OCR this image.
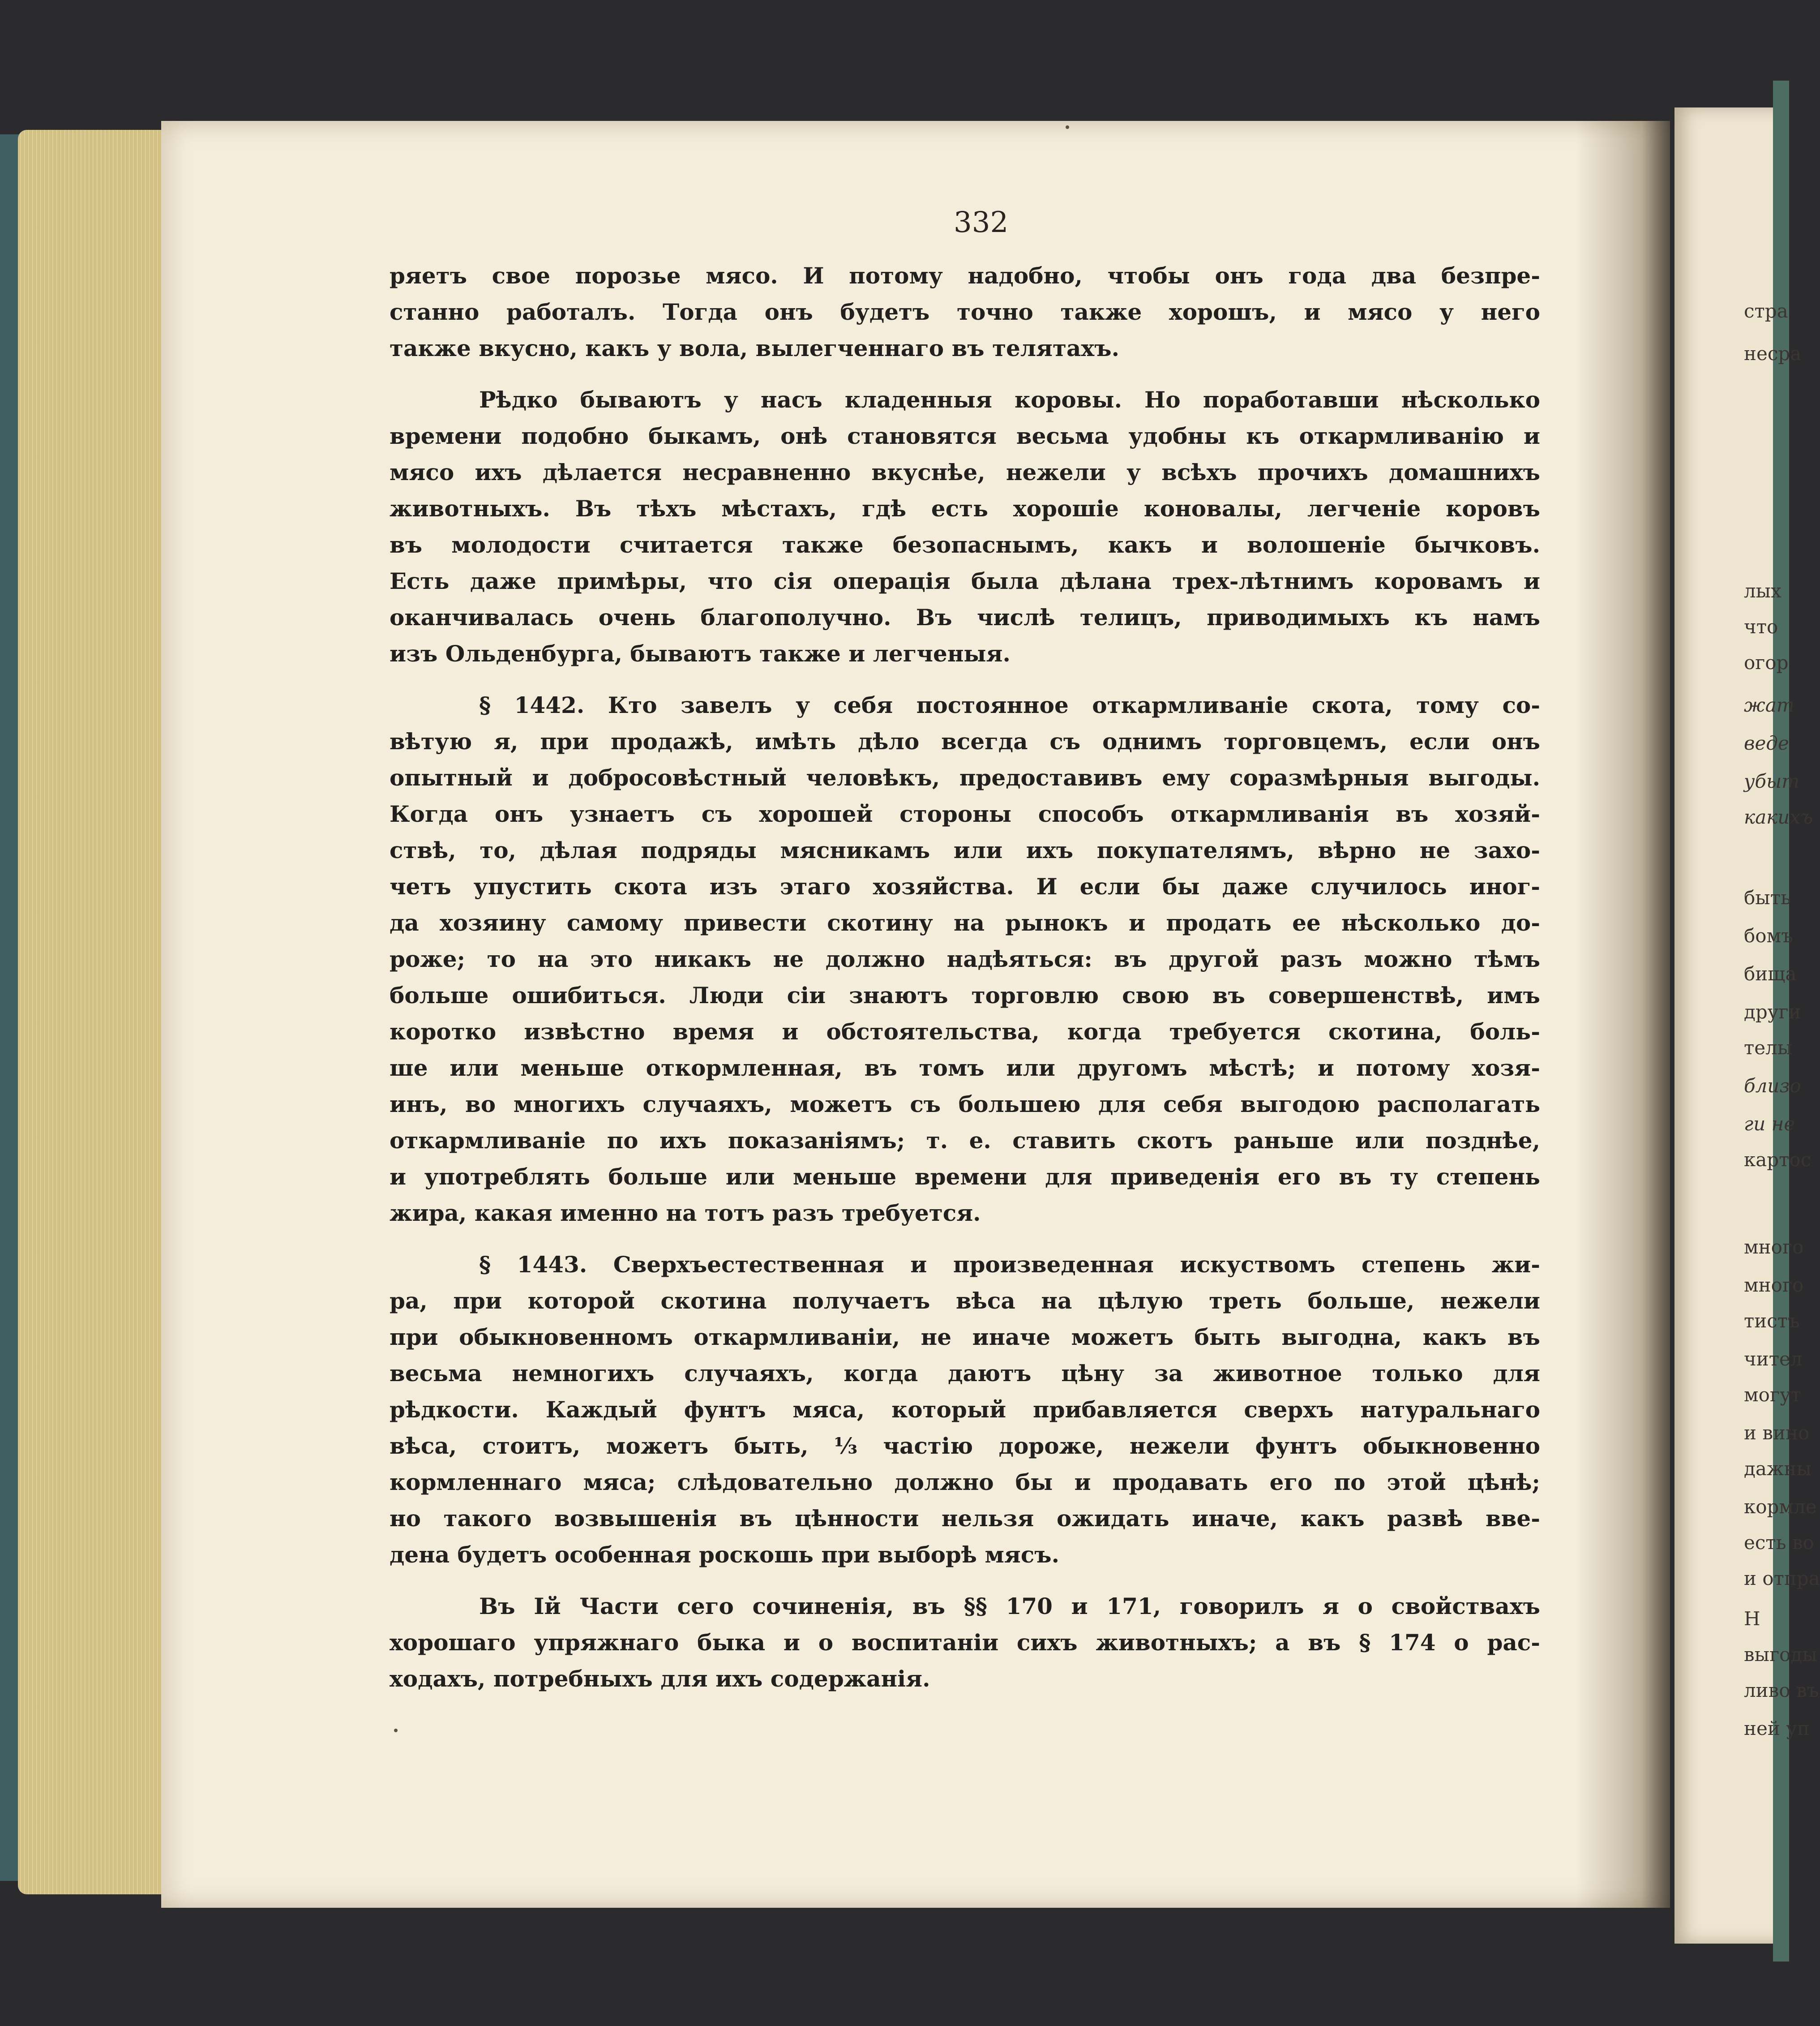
332
ряетъ свое порозье мясо. И потому надобно, чтобы онъ года два безпре-
станно работалъ. Тогда онъ будетъ точно также хорошъ, и мясо у него
также вкусно, какъ у вола, вылегченнаго въ телятахъ.
Рѣдко бываютъ у насъ кладенныя коровы. Но поработавши нѣсколько
времени подобно быкамъ, онѣ становятся весьма удобны къ откармливанію и
мясо ихъ дѣлается несравненно вкуснѣе, нежели у всѣхъ прочихъ домашнихъ
животныхъ. Въ тѣхъ мѣстахъ, гдѣ есть хорошіе коновалы, легченіе коровъ
въ молодости считается также безопаснымъ, какъ и волошеніе бычковъ.
Есть даже примѣры, что сія операція была дѣлана трех-лѣтнимъ коровамъ и
оканчивалась очень благополучно. Въ числѣ телицъ, приводимыхъ къ намъ
изъ Ольденбурга, бываютъ также и легченыя.
§ 1442. Кто завелъ у себя постоянное откармливаніе скота, тому со-
вѣтую я, при продажѣ, имѣть дѣло всегда съ однимъ торговцемъ, если онъ
опытный и добросовѣстный человѣкъ, предоставивъ ему соразмѣрныя выгоды.
Когда онъ узнаетъ съ хорошей стороны способъ откармливанія въ хозяй-
ствѣ, то, дѣлая подряды мясникамъ или ихъ покупателямъ, вѣрно не захо-
четъ упустить скота изъ этаго хозяйства. И если бы даже случилось иног-
да хозяину самому привести скотину на рынокъ и продать ее нѣсколько до-
роже; то на это никакъ не должно надѣяться: въ другой разъ можно тѣмъ
больше ошибиться. Люди сіи знаютъ торговлю свою въ совершенствѣ, имъ
коротко извѣстно время и обстоятельства, когда требуется скотина, боль-
ше или меньше откормленная, въ томъ или другомъ мѣстѣ; и потому хозя-
инъ, во многихъ случаяхъ, можетъ съ большею для себя выгодою располагать
откармливаніе по ихъ показаніямъ; т. е. ставить скотъ раньше или позднѣе,
и употреблять больше или меньше времени для приведенія его въ ту степень
жира, какая именно на тотъ разъ требуется.
§ 1443. Сверхъестественная и произведенная искуствомъ степень жи-
ра, при которой скотина получаетъ вѣса на цѣлую треть больше, нежели
при обыкновенномъ откармливаніи, не иначе можетъ быть выгодна, какъ въ
весьма немногихъ случаяхъ, когда даютъ цѣну за животное только для
рѣдкости. Каждый фунтъ мяса, который прибавляется сверхъ натуральнаго
вѣса, стоитъ, можетъ быть, ⅓ частію дороже, нежели фунтъ обыкновенно
кормленнаго мяса; слѣдовательно должно бы и продавать его по этой цѣнѣ;
но такого возвышенія въ цѣнности нельзя ожидать иначе, какъ развѣ вве-
дена будетъ особенная роскошь при выборѣ мясъ.
Въ Iй Части сего сочиненія, въ §§ 170 и 171, говорилъ я о свойствахъ
хорошаго упряжнаго быка и о воспитаніи сихъ животныхъ; а въ § 174 о рас-
ходахъ, потребныхъ для ихъ содержанія.
стра
несра
лых
что
огор
жат
веде
убыт
какихъ
быть
бомъ
бища
други
телы
близо
ги не
картос
много
много
тистъ
чител
могут
и вино
дажны
кормле
есть во
и отпра
Н
выгоды
ливо въ
ней уп
